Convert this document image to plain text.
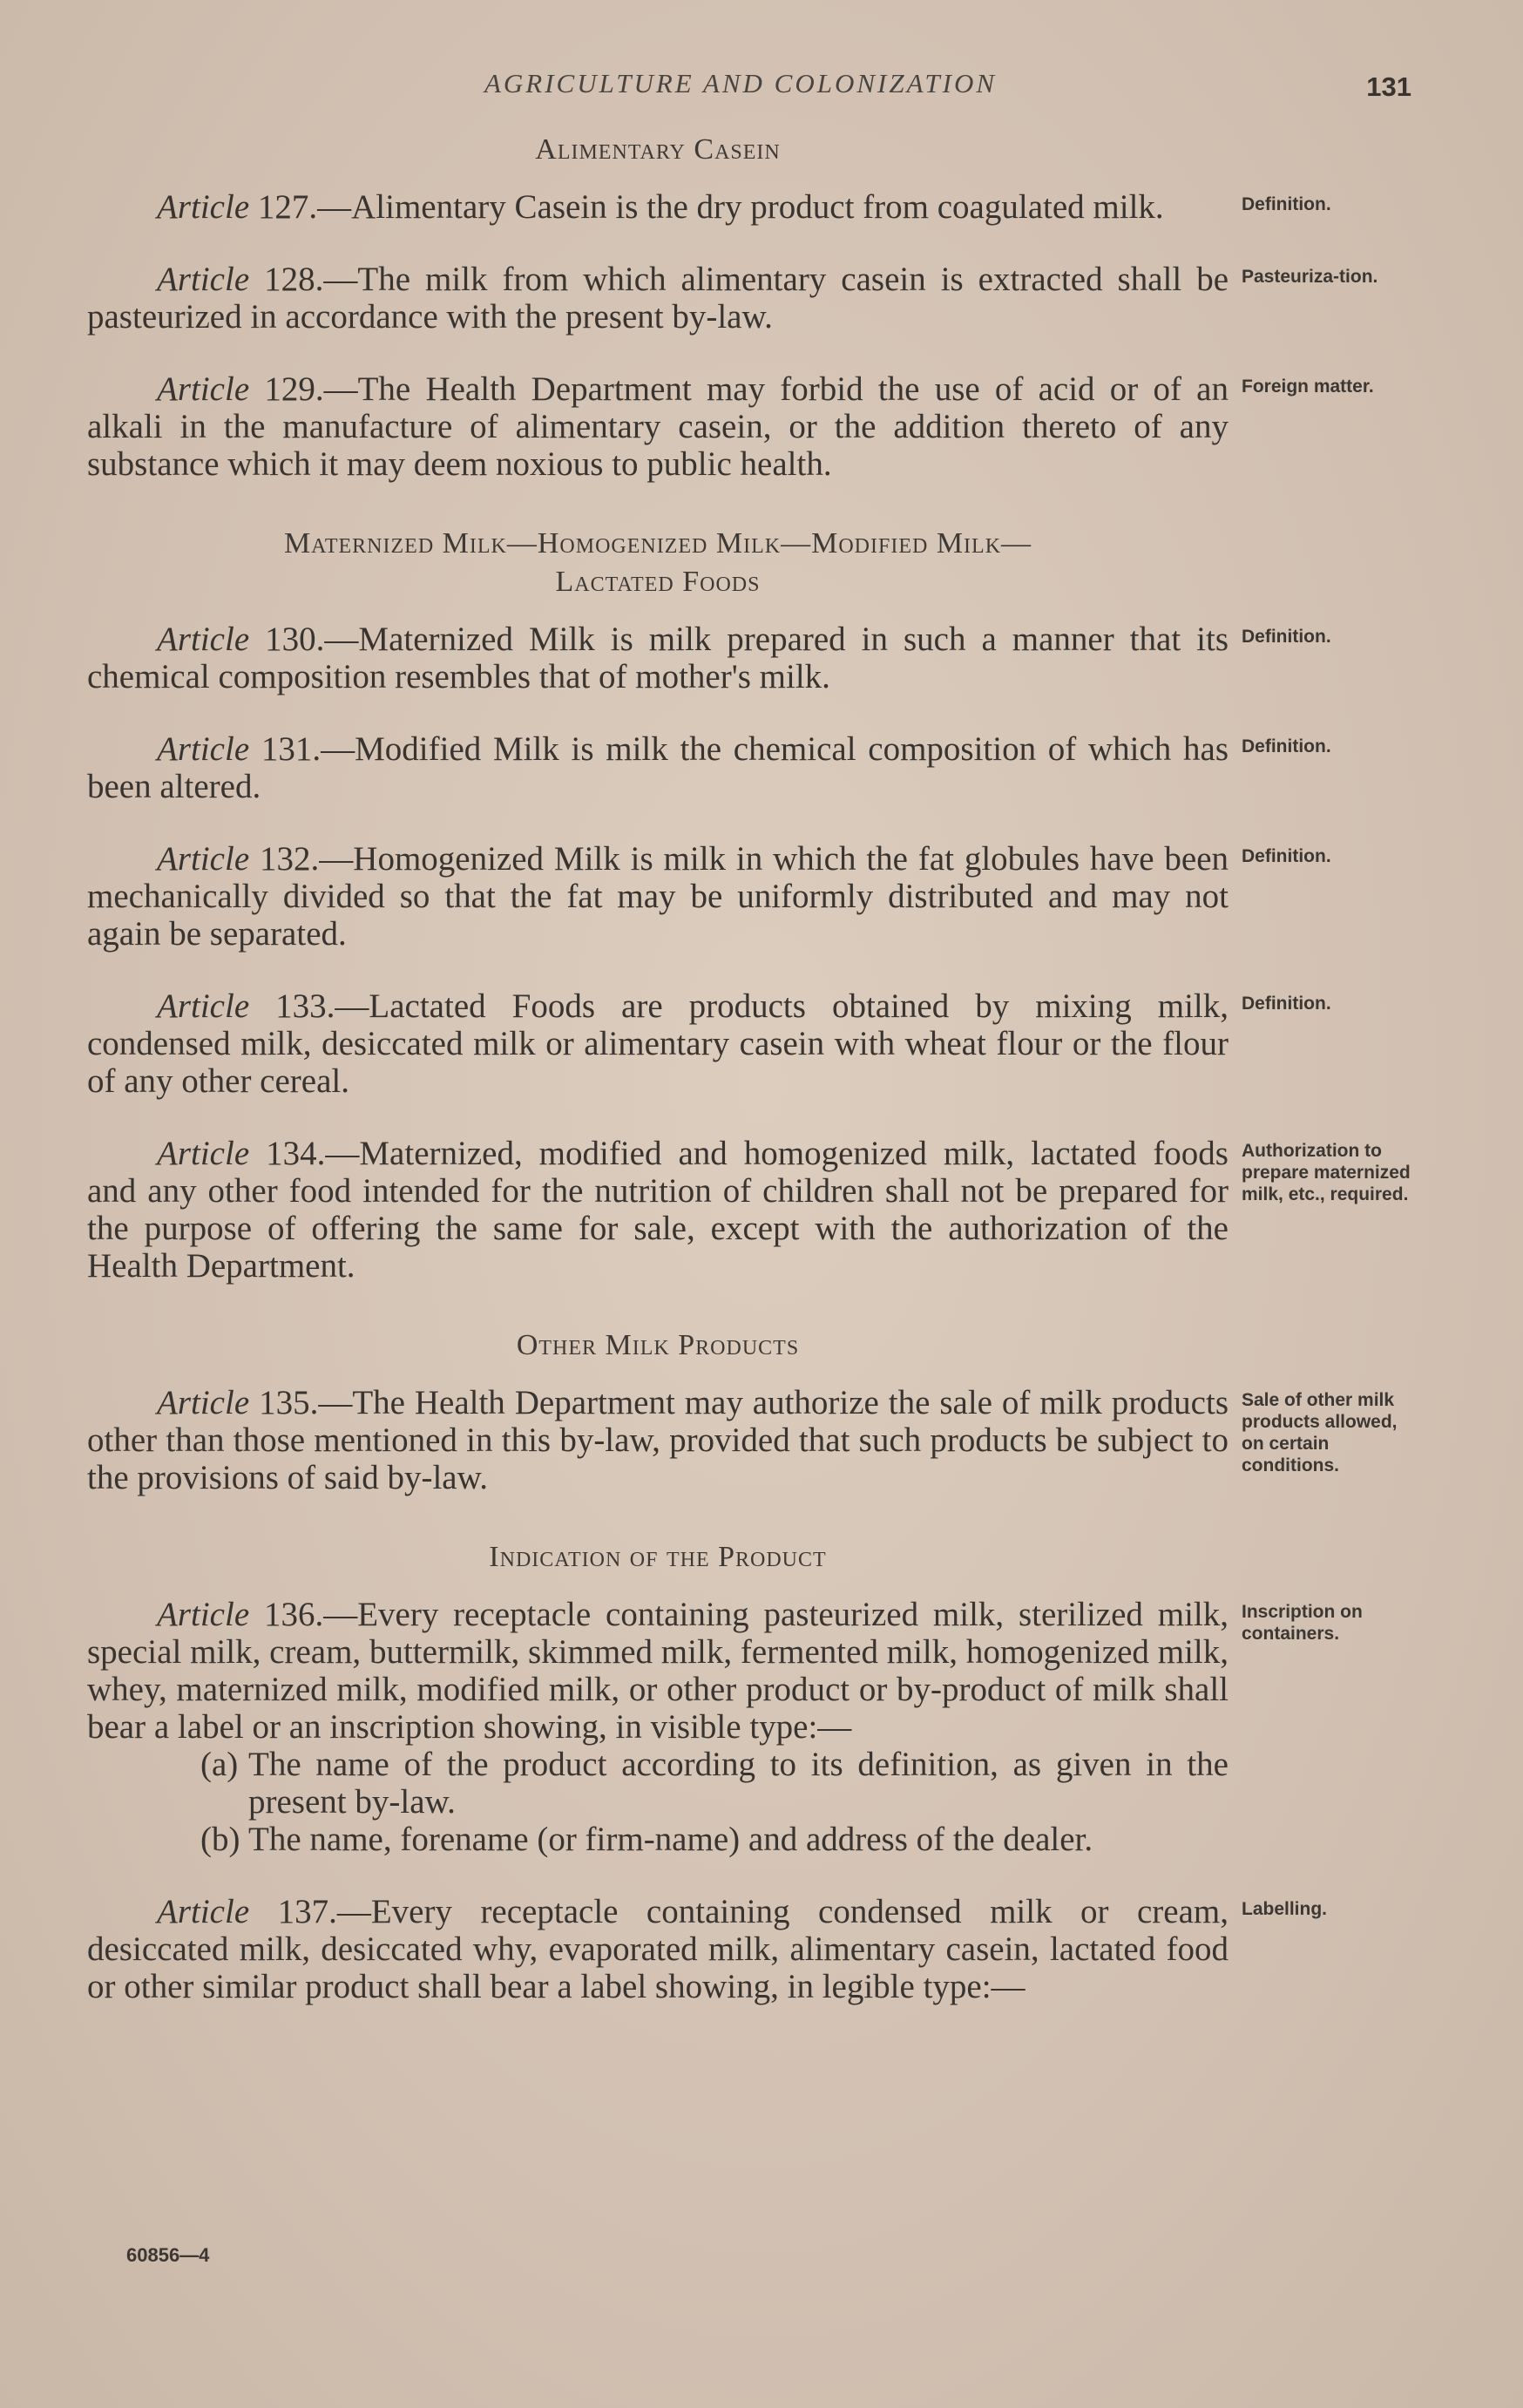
AGRICULTURE AND COLONIZATION	131
Alimentary Casein

Article 127.—Alimentary Casein is the dry product from coagulated milk.	Definition.

Article 128.—The milk from which alimentary casein is extracted shall be pasteurized in accordance with the present by-law.

Pasteuriza-tion.

Article 129.—The Health Department may forbid the use of acid or of an alkali in the manufacture of alimentary casein, or the addition thereto of any substance which it may deem noxious to public health.

Foreign matter.
Maternized Milk—Homogenized Milk—Modified Milk—
Lactated Foods

Article 130.—Maternized Milk is milk prepared in such a manner that its chemical composition resembles that of mother's milk.

Definition.

Article 131.—Modified Milk is milk the chemical composition of which has been altered.

Definition.

Article 132.—Homogenized Milk is milk in which the fat globules have been mechanically divided so that the fat may be uniformly distributed and may not again be separated.

Definition.

Article 133.—Lactated Foods are products obtained by mixing milk, condensed milk, desiccated milk or alimentary casein with wheat flour or the flour of any other cereal.

Definition.

Article 134.—Maternized, modified and homogenized milk, lactated foods and any other food intended for the nutrition of children shall not be prepared for the purpose of offering the same for sale, except with the authorization of the Health Department.

Authorization to prepare maternized milk, etc., required.
Other Milk Products

Article 135.—The Health Department may authorize the sale of milk products other than those mentioned in this by-law, provided that such products be subject to the provisions of said by-law.

Sale of other milk products allowed, on certain conditions.
Indication of the Product

Article 136.—Every receptacle containing pasteurized milk, sterilized milk, special milk, cream, buttermilk, skimmed milk, fermented milk, homogenized milk, whey, maternized milk, modified milk, or other product or by-product of milk shall bear a label or an inscription showing, in visible type:—

(a) The name of the product according to its definition, as given in the present by-law.
(b) The name, forename (or firm-name) and address of the dealer.
Inscription on containers.

Article 137.—Every receptacle containing condensed milk or cream, desiccated milk, desiccated why, evaporated milk, alimentary casein, lactated food or other similar product shall bear a label showing, in legible type:—

Labelling.
60856—4
